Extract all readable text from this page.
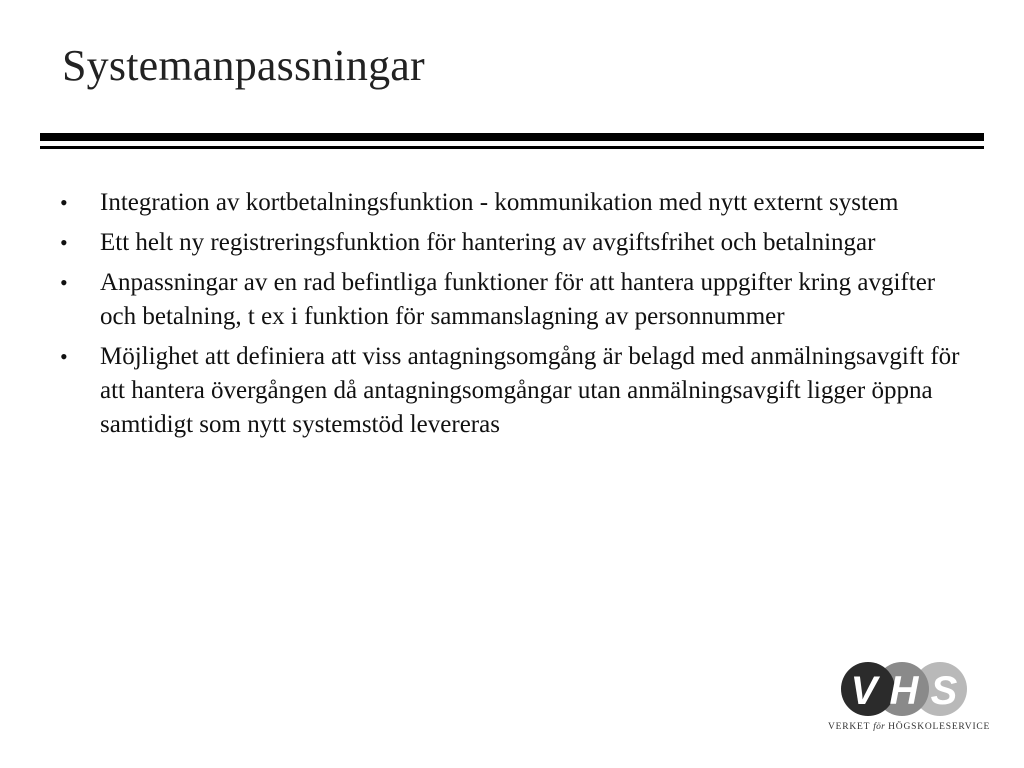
Systemanpassningar
•	Integration av kortbetalningsfunktion - kommunikation med nytt externt system
•	Ett helt ny registreringsfunktion för hantering av avgiftsfrihet och betalningar
•	Anpassningar av en rad befintliga funktioner för att hantera uppgifter kring avgifter och betalning, t ex i funktion för sammanslagning av personnummer
•	Möjlighet att definiera att viss antagningsomgång är belagd med anmälningsavgift för att hantera övergången då antagningsomgångar utan anmälningsavgift ligger öppna samtidigt som nytt systemstöd levereras
V H S
VERKET för HÖGSKOLESERVICE
